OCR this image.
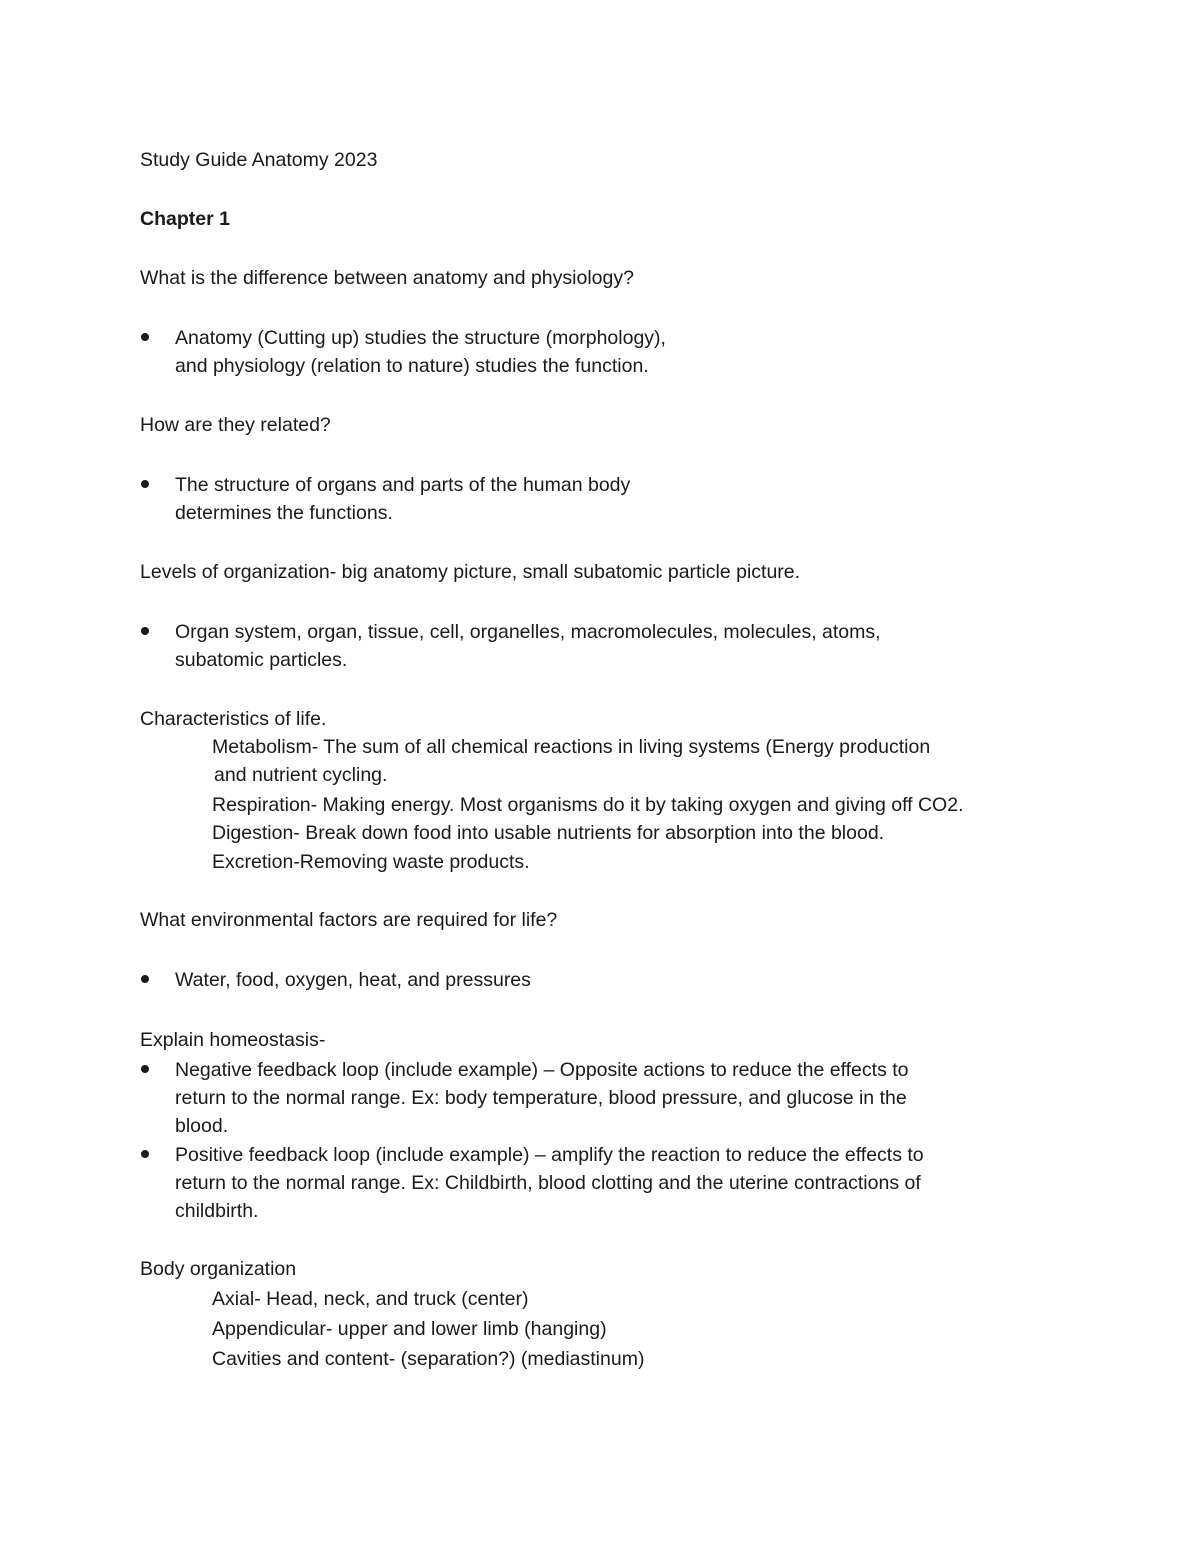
Study Guide Anatomy 2023
Chapter 1
What is the difference between anatomy and physiology?
Anatomy (Cutting up) studies the structure (morphology),
and physiology (relation to nature) studies the function.
How are they related?
The structure of organs and parts of the human body
determines the functions.
Levels of organization- big anatomy picture, small subatomic particle picture.
Organ system, organ, tissue, cell, organelles, macromolecules, molecules, atoms,
subatomic particles.
Characteristics of life.
Metabolism- The sum of all chemical reactions in living systems (Energy production
and nutrient cycling.
Respiration- Making energy. Most organisms do it by taking oxygen and giving off CO2.
Digestion- Break down food into usable nutrients for absorption into the blood.
Excretion-Removing waste products.
What environmental factors are required for life?
Water, food, oxygen, heat, and pressures
Explain homeostasis-
Negative feedback loop (include example) – Opposite actions to reduce the effects to
return to the normal range. Ex: body temperature, blood pressure, and glucose in the
blood.
Positive feedback loop (include example) – amplify the reaction to reduce the effects to
return to the normal range. Ex: Childbirth, blood clotting and the uterine contractions of
childbirth.
Body organization
Axial- Head, neck, and truck (center)
Appendicular- upper and lower limb (hanging)
Cavities and content- (separation?) (mediastinum)
